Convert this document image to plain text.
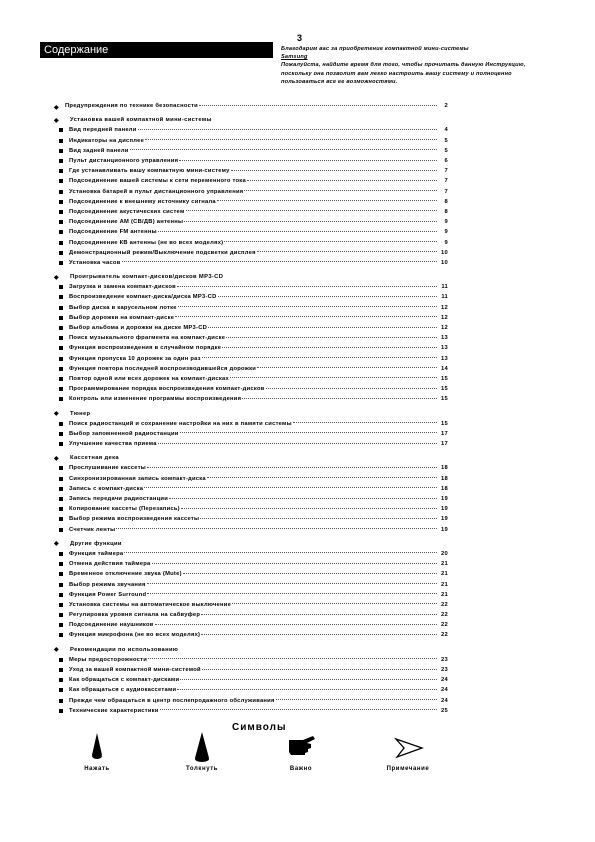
3
Содержание	Благодарим вас за приобретение компактной мини-системы
Samsung
Пожалуйста, найдите время для того, чтобы прочитать данную Инструкцию, поскольку она позволит вам легко настроить вашу систему и полноценно пользоваться все ее возможностями.
◆	Предупреждения по технике безопасности	2
◆	Установка вашей компактной мини-системы
Вид передней панели	4
Индикаторы на дисплее	5
Вид задней панели	5
Пульт дистанционного управления	6
Где устанавливать вашу компактную мини-систему	7
Подсоединение вашей системы к сети переменного тока	7
Установка батарей в пульт дистанционного управления	7
Подсоединение к внешнему источнику сигнала	8
Подсоединение акустических систем	8
Подсоединение АМ (СВ/ДВ) антенны	9
Подсоединение FM антенны	9
Подсоединение КВ антенны (не во всех моделях)	9
Демонстрационный режим/Выключение подсветки дисплея	10
Установка часов	10
◆	Проигрыватель компакт-дисков/дисков MP3-CD
Загрузка и замена компакт-дисков	11
Воспроизведение компакт-диска/диска MP3-CD	11
Выбор диска в карусельном лотке	12
Выбор дорожки на компакт-диске	12
Выбор альбома и дорожки на диске MP3-CD	12
Поиск музыкального фрагмента на компакт-диске	13
Функция воспроизведения в случайном порядке	13
Функция пропуска 10 дорожек за один раз	13
Функция повтора последней воспроизводившейся дорожки	14
Повтор одной или всех дорожек на компакт-дисках	15
Программирование порядка воспроизведения компакт-дисков	15
Контроль или изменение программы воспроизведения	15
◆	Тюнер
Поиск радиостанций и сохранение настройки на них в памяти системы	15
Выбор запомненной радиостанции	17
Улучшение качества приема	17
◆	Кассетная дека
Прослушивание кассеты	18
Синхронизированная запись компакт-диска	18
Запись с компакт-диска	18
Запись передачи радиостанции	19
Копирование кассеты (Перезапись)	19
Выбор режима воспроизведения кассеты	19
Счетчик ленты	19
◆	Другие функции
Функция таймера	20
Отмена действия таймера	21
Временное отключение звука (Mute)	21
Выбор режима звучания	21
Функция Power Surround	21
Установка системы на автоматическое выключение	22
Регулировка уровня сигнала на сабвуфер	22
Подсоединение наушников	22
Функция микрофона (не во всех моделях)	22
◆	Рекомендации по использованию
Меры предосторожности	23
Уход за вашей компактной мини-системой	23
Как обращаться с компакт-дисками	24
Как обращаться с аудиокассетами	24
Прежде чем обращаться в центр послепродажного обслуживания	24
Технические характеристики	25
Символы
Нажать	Толкнуть	Важно	Примечание
